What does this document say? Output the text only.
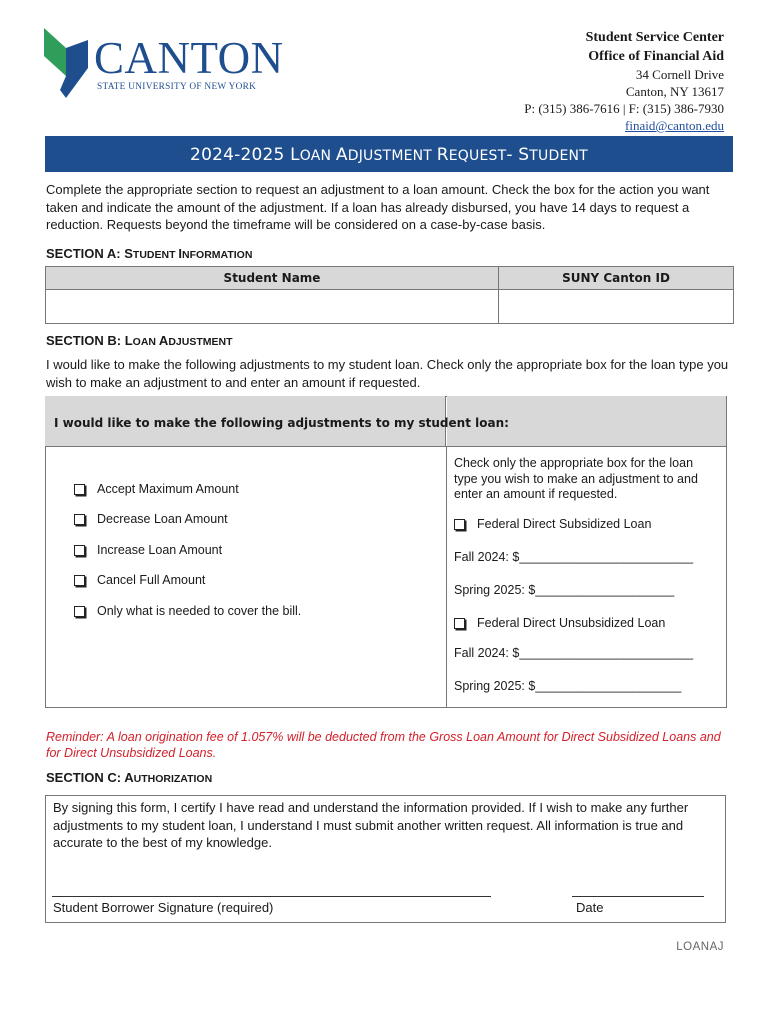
CANTON
STATE UNIVERSITY OF NEW YORK
Student Service Center
Office of Financial Aid
34 Cornell Drive
Canton, NY 13617
P: (315) 386-7616 | F: (315) 386-7930
finaid@canton.edu
2024-2025 LOAN ADJUSTMENT REQUEST- STUDENT
Complete the appropriate section to request an adjustment to a loan amount. Check the box for the action you want taken and indicate the amount of the adjustment. If a loan has already disbursed, you have 14 days to request a reduction. Requests beyond the timeframe will be considered on a case-by-case basis.
SECTION A: STUDENT INFORMATION
Student Name	SUNY Canton ID

SECTION B: LOAN ADJUSTMENT
I would like to make the following adjustments to my student loan. Check only the appropriate box for the loan type you wish to make an adjustment to and enter an amount if requested.
I would like to make the following adjustments to my student loan:
Accept Maximum Amount
Decrease Loan Amount
Increase Loan Amount
Cancel Full Amount
Only what is needed to cover the bill.
Check only the appropriate box for the loan type you wish to make an adjustment to and enter an amount if requested.
Federal Direct Subsidized Loan
Fall 2024: $_________________________
Spring 2025: $____________________
Federal Direct Unsubsidized Loan
Fall 2024: $_________________________
Spring 2025: $_____________________
Reminder: A loan origination fee of 1.057% will be deducted from the Gross Loan Amount for Direct Subsidized Loans and for Direct Unsubsidized Loans.
SECTION C: AUTHORIZATION
By signing this form, I certify I have read and understand the information provided. If I wish to make any further adjustments to my student loan, I understand I must submit another written request. All information is true and accurate to the best of my knowledge.
Student Borrower Signature (required)	Date
LOANAJ
